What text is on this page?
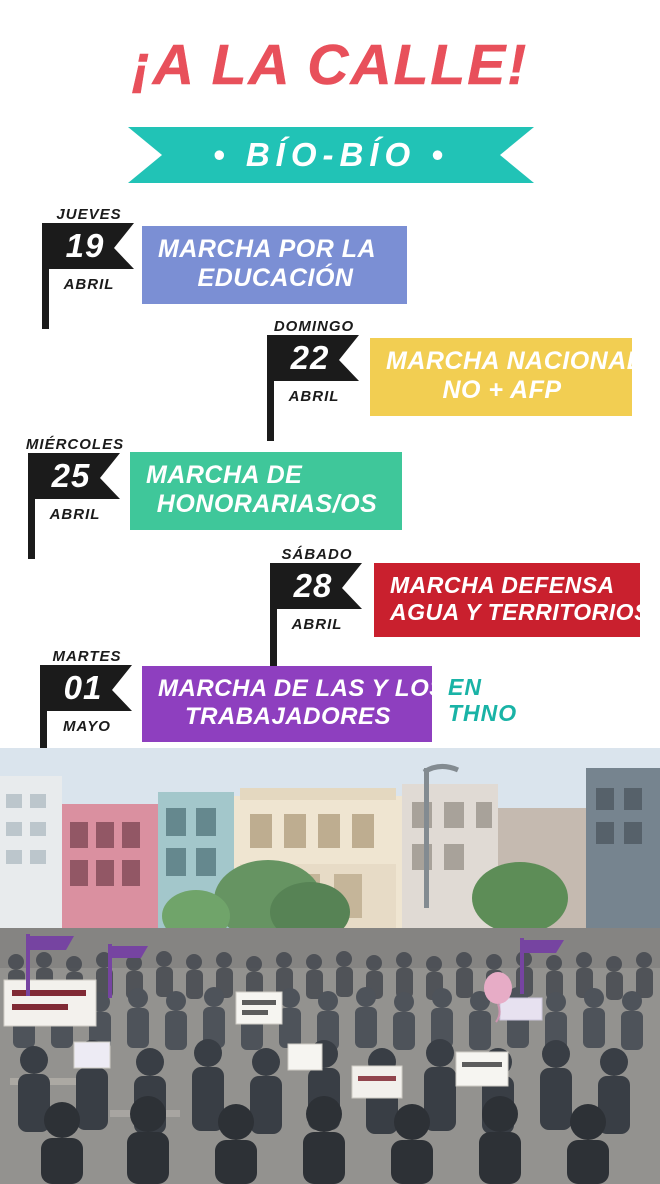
¡A LA CALLE!
• BÍO-BÍO •
JUEVES
19
ABRIL
MARCHA POR LA
EDUCACIÓN
DOMINGO
22
ABRIL
MARCHA NACIONAL
NO + AFP
MIÉRCOLES
25
ABRIL
MARCHA DE
HONORARIAS/OS
SÁBADO
28
ABRIL
MARCHA DEFENSA
AGUA Y TERRITORIOS
MARTES
01
MAYO
MARCHA DE LAS Y LOS
TRABAJADORES
EN
THNO
